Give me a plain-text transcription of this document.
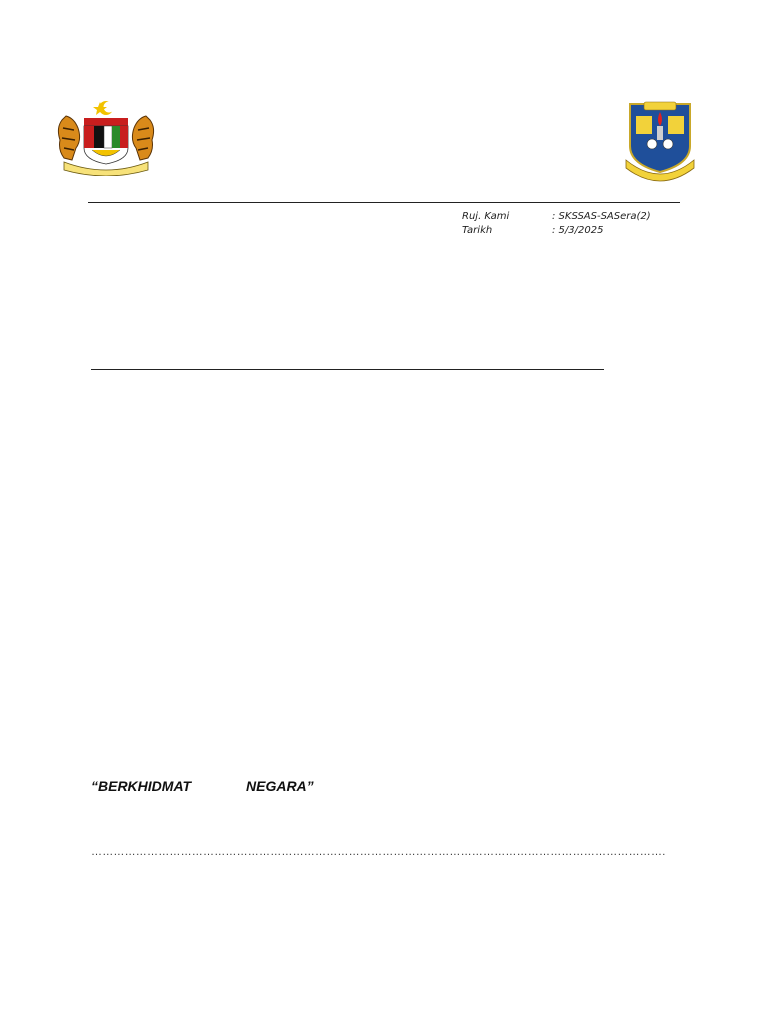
Ruj. Kami	: SKSSAS-SASera(2)
Tarikh	: 5/3/2025
“BERKHIDMAT	NEGARA”
……………………………………………………………………………………………………………………………………….
